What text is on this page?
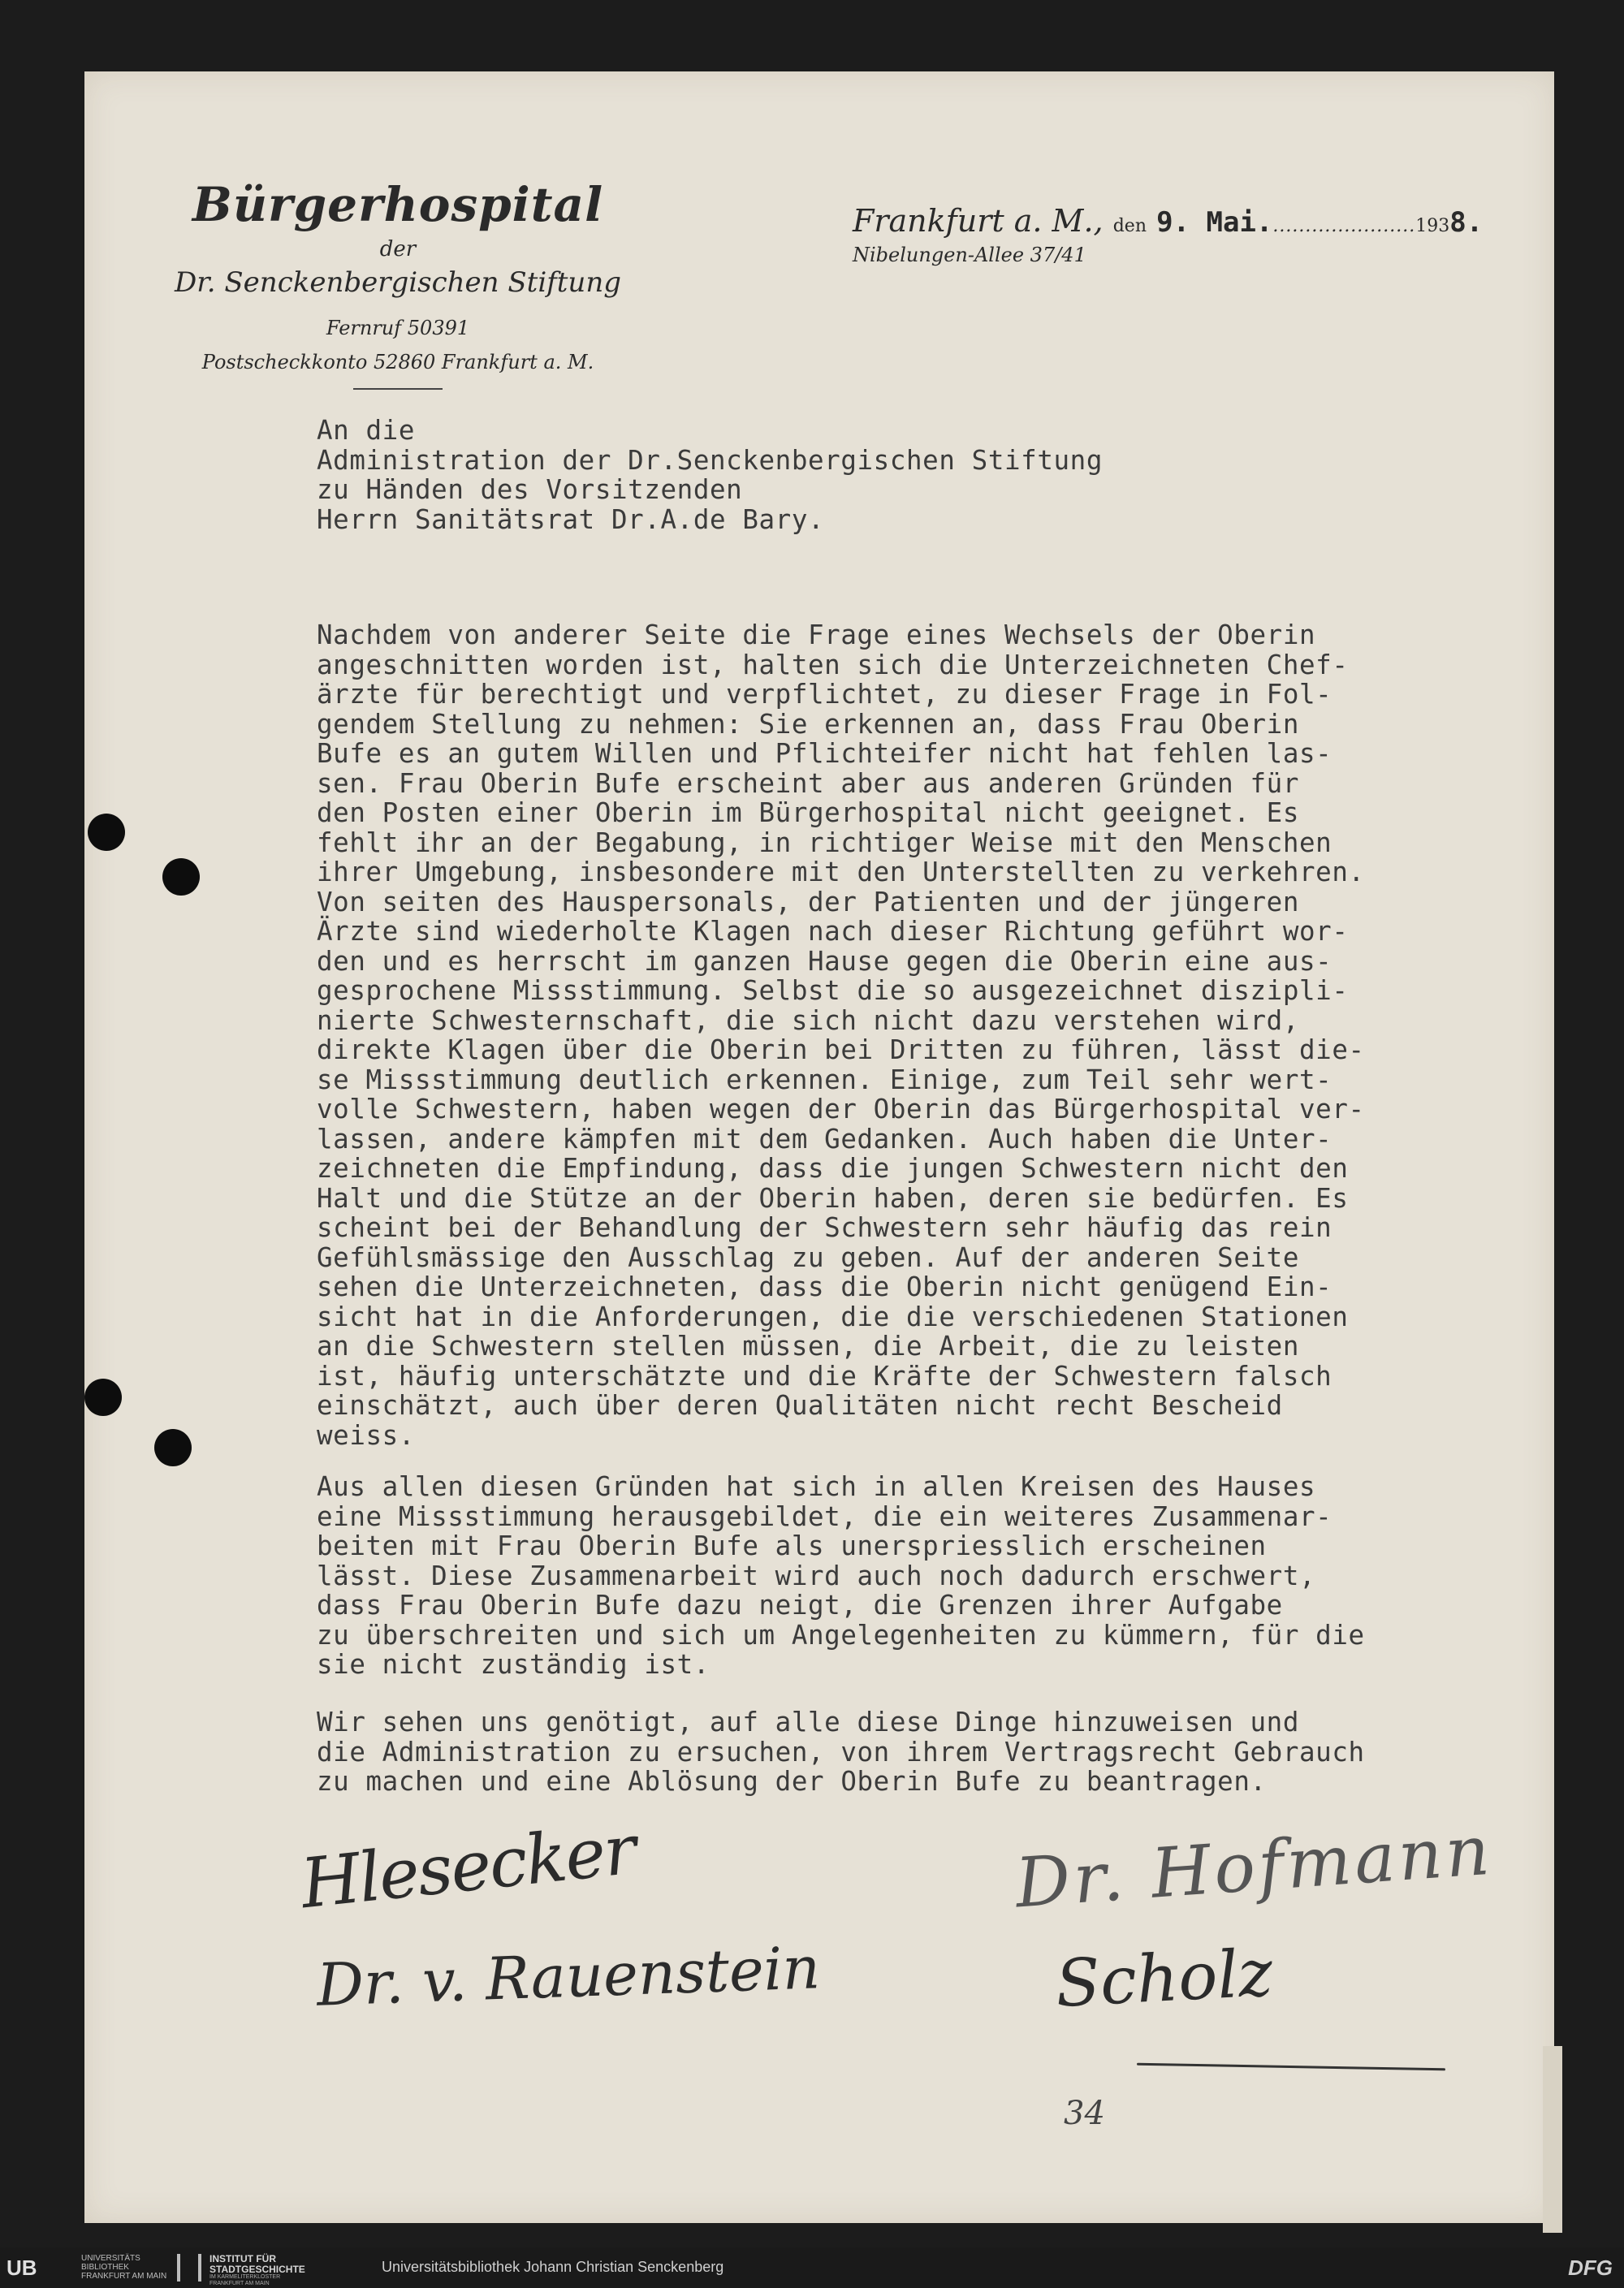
Bürgerhospital
der
Dr. Senckenbergischen Stiftung
Fernruf 50391
Postscheckkonto 52860 Frankfurt a. M.
Frankfurt a. M., den 9. Mai.......................1938.
Nibelungen-Allee 37/41
An die
Administration der Dr.Senckenbergischen Stiftung
zu Händen des Vorsitzenden
Herrn Sanitätsrat Dr.A.de Bary.
Nachdem von anderer Seite die Frage eines Wechsels der Oberin
angeschnitten worden ist, halten sich die Unterzeichneten Chef-
ärzte für berechtigt und verpflichtet, zu dieser Frage in Fol-
gendem Stellung zu nehmen: Sie erkennen an, dass Frau Oberin
Bufe es an gutem Willen und Pflichteifer nicht hat fehlen las-
sen. Frau Oberin Bufe erscheint aber aus anderen Gründen für
den Posten einer Oberin im Bürgerhospital nicht geeignet. Es
fehlt ihr an der Begabung, in richtiger Weise mit den Menschen
ihrer Umgebung, insbesondere mit den Unterstellten zu verkehren.
Von seiten des Hauspersonals, der Patienten und der jüngeren
Ärzte sind wiederholte Klagen nach dieser Richtung geführt wor-
den und es herrscht im ganzen Hause gegen die Oberin eine aus-
gesprochene Missstimmung. Selbst die so ausgezeichnet diszipli-
nierte Schwesternschaft, die sich nicht dazu verstehen wird,
direkte Klagen über die Oberin bei Dritten zu führen, lässt die-
se Missstimmung deutlich erkennen. Einige, zum Teil sehr wert-
volle Schwestern, haben wegen der Oberin das Bürgerhospital ver-
lassen, andere kämpfen mit dem Gedanken. Auch haben die Unter-
zeichneten die Empfindung, dass die jungen Schwestern nicht den
Halt und die Stütze an der Oberin haben, deren sie bedürfen. Es
scheint bei der Behandlung der Schwestern sehr häufig das rein
Gefühlsmässige den Ausschlag zu geben. Auf der anderen Seite
sehen die Unterzeichneten, dass die Oberin nicht genügend Ein-
sicht hat in die Anforderungen, die die verschiedenen Stationen
an die Schwestern stellen müssen, die Arbeit, die zu leisten
ist, häufig unterschätzte und die Kräfte der Schwestern falsch
einschätzt, auch über deren Qualitäten nicht recht Bescheid
weiss.
Aus allen diesen Gründen hat sich in allen Kreisen des Hauses
eine Missstimmung herausgebildet, die ein weiteres Zusammenar-
beiten mit Frau Oberin Bufe als unerspriesslich erscheinen
lässt. Diese Zusammenarbeit wird auch noch dadurch erschwert,
dass Frau Oberin Bufe dazu neigt, die Grenzen ihrer Aufgabe
zu überschreiten und sich um Angelegenheiten zu kümmern, für die
sie nicht zuständig ist.
Wir sehen uns genötigt, auf alle diese Dinge hinzuweisen und
die Administration zu ersuchen, von ihrem Vertragsrecht Gebrauch
zu machen und eine Ablösung der Oberin Bufe zu beantragen.
Hlesecker
Dr. v. Rauenstein
Dr. Hofmann
Scholz
34
UB	UNIVERSITÄTS
BIBLIOTHEK
FRANKFURT AM MAIN
INSTITUT FÜR
STADTGESCHICHTE
IM KARMELITERKLOSTER
FRANKFURT AM MAIN
Universitätsbibliothek Johann Christian Senckenberg	DFG
